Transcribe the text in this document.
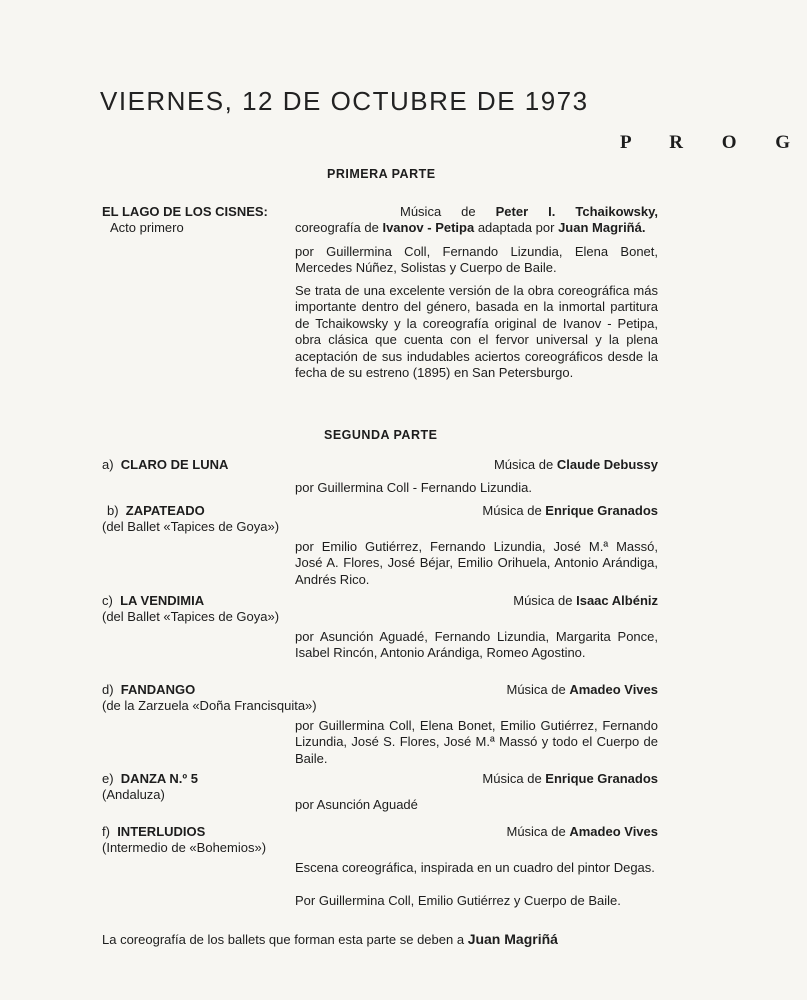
VIERNES, 12 DE OCTUBRE DE 1973
P R O G
PRIMERA PARTE
EL LAGO DE LOS CISNES:
Acto primero
Música de Peter I. Tchaikowsky, coreografía de Ivanov - Petipa adaptada por Juan Magriñá.
por Guillermina Coll, Fernando Lizundia, Elena Bonet, Mercedes Núñez, Solistas y Cuerpo de Baile.
Se trata de una excelente versión de la obra coreográfica más importante dentro del género, basada en la inmortal partitura de Tchaikowsky y la coreografía original de Ivanov - Petipa, obra clásica que cuenta con el fervor universal y la plena aceptación de sus indudables aciertos coreográficos desde la fecha de su estreno (1895) en San Petersburgo.
SEGUNDA PARTE
a) CLARO DE LUNA	Música de Claude Debussy
por Guillermina Coll - Fernando Lizundia.
b) ZAPATEADO
(del Ballet «Tapices de Goya»)
Música de Enrique Granados
por Emilio Gutiérrez, Fernando Lizundia, José M.ª Massó, José A. Flores, José Béjar, Emilio Orihuela, Antonio Arándiga, Andrés Rico.
c) LA VENDIMIA
(del Ballet «Tapices de Goya»)
Música de Isaac Albéniz
por Asunción Aguadé, Fernando Lizundia, Margarita Ponce, Isabel Rincón, Antonio Arándiga, Romeo Agostino.
d) FANDANGO
(de la Zarzuela «Doña Francisquita»)
Música de Amadeo Vives
por Guillermina Coll, Elena Bonet, Emilio Gutiérrez, Fernando Lizundia, José S. Flores, José M.ª Massó y todo el Cuerpo de Baile.
e) DANZA N.º 5
(Andaluza)
Música de Enrique Granados
por Asunción Aguadé
f) INTERLUDIOS
(Intermedio de «Bohemios»)
Música de Amadeo Vives
Escena coreográfica, inspirada en un cuadro del pintor Degas.
Por Guillermina Coll, Emilio Gutiérrez y Cuerpo de Baile.
La coreografía de los ballets que forman esta parte se deben a Juan Magriñá
